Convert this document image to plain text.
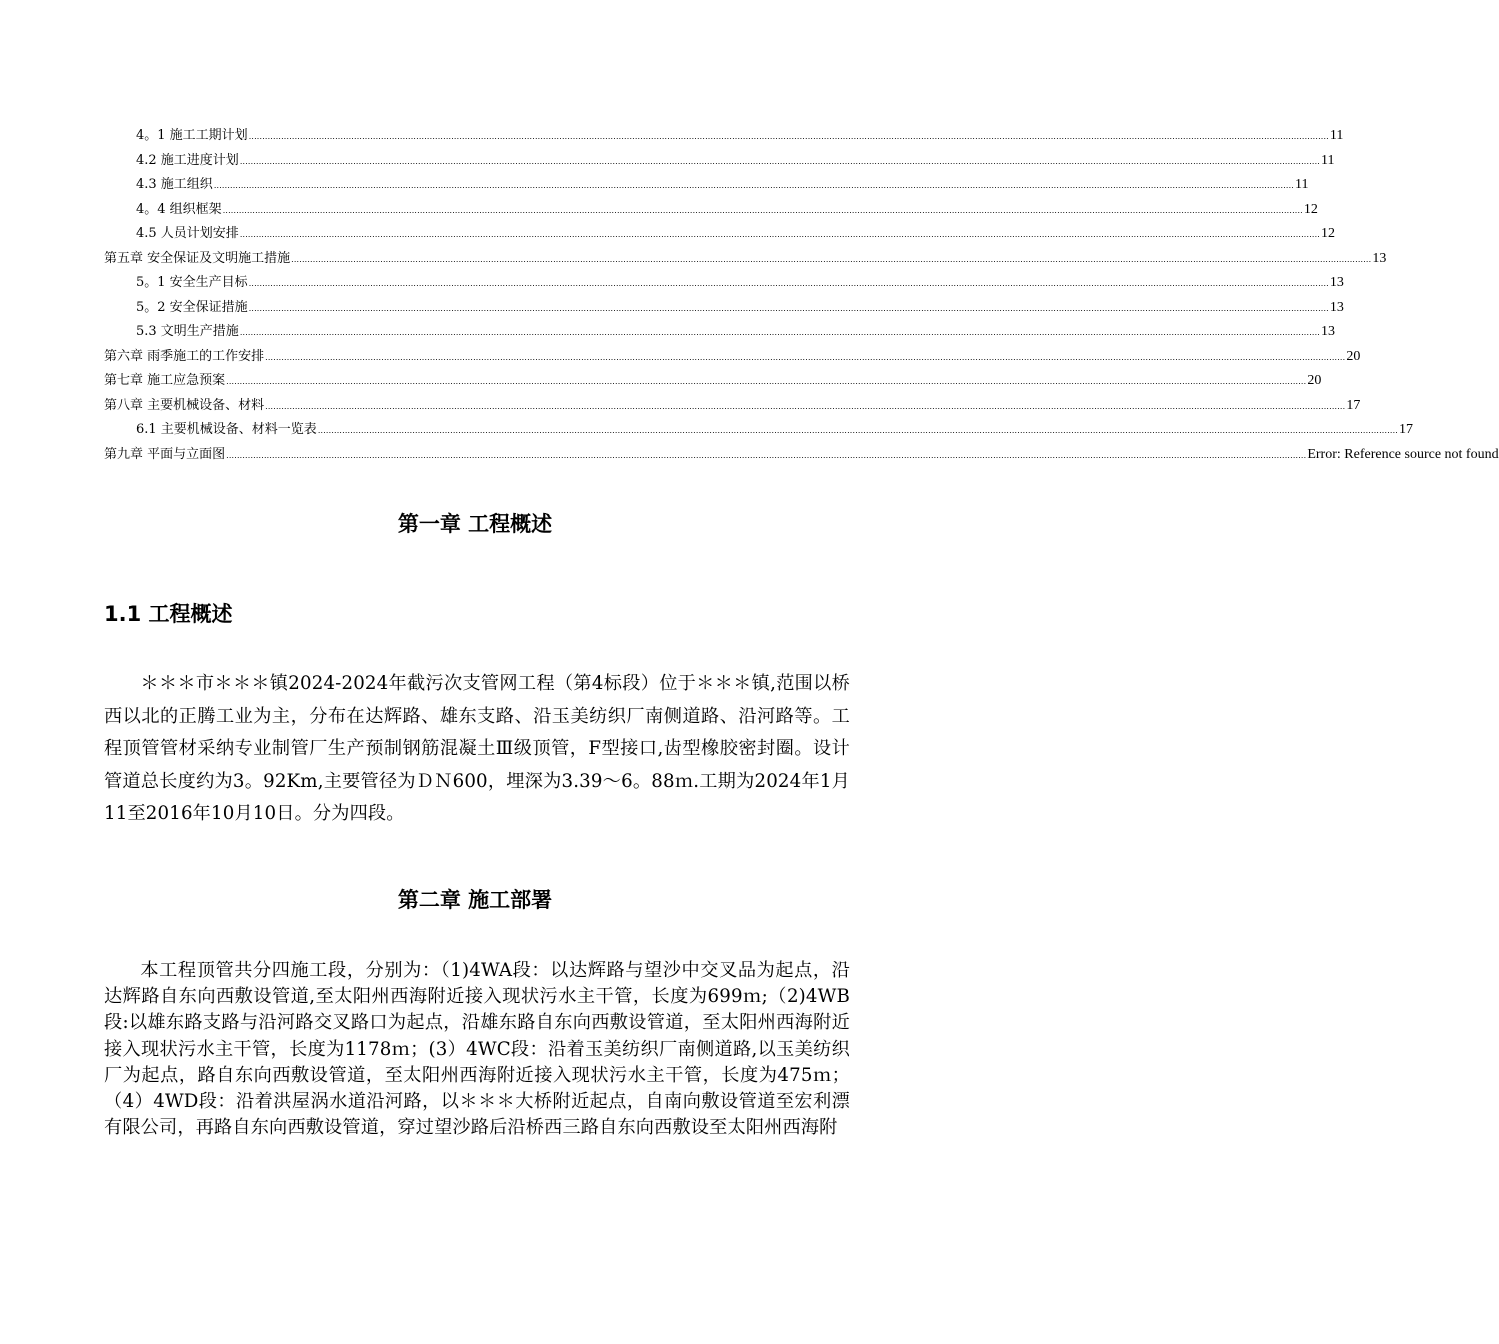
4。1 施工工期计划 ................................................................................................................................................................................................................................................................................................................................................................................................................ 11
4.2 施工进度计划 ................................................................................................................................................................................................................................................................................................................................................................................................................ 11
4.3 施工组织 ................................................................................................................................................................................................................................................................................................................................................................................................................ 11
4。4 组织框架 ................................................................................................................................................................................................................................................................................................................................................................................................................ 12
4.5 人员计划安排 ................................................................................................................................................................................................................................................................................................................................................................................................................ 12
第五章 安全保证及文明施工措施 ................................................................................................................................................................................................................................................................................................................................................................................................................ 13
5。1 安全生产目标 ................................................................................................................................................................................................................................................................................................................................................................................................................ 13
5。2 安全保证措施 ................................................................................................................................................................................................................................................................................................................................................................................................................ 13
5.3 文明生产措施 ................................................................................................................................................................................................................................................................................................................................................................................................................ 13
第六章 雨季施工的工作安排 ................................................................................................................................................................................................................................................................................................................................................................................................................ 20
第七章 施工应急预案 ................................................................................................................................................................................................................................................................................................................................................................................................................ 20
第八章 主要机械设备、材料 ................................................................................................................................................................................................................................................................................................................................................................................................................ 17
6.1 主要机械设备、材料一览表 ................................................................................................................................................................................................................................................................................................................................................................................................................ 17
第九章 平面与立面图 ................................................................................................................................................................................................................................................................................................................................................................................................................ Error: Reference source not found
第一章 工程概述
1.1 工程概述
＊＊＊市＊＊＊镇2024-2024年截污次支管网工程（第4标段）位于＊＊＊镇,范围以桥西以北的正腾工业为主，分布在达辉路、雄东支路、沿玉美纺织厂南侧道路、沿河路等。工程顶管管材采纳专业制管厂生产预制钢筋混凝土Ⅲ级顶管，F型接口,齿型橡胶密封圈。设计管道总长度约为3。92Km,主要管径为ＤＮ600，埋深为3.39～6。88ｍ.工期为2024年1月11至2016年10月10日。分为四段。
第二章 施工部署
本工程顶管共分四施工段，分别为：（1)4WA段：以达辉路与望沙中交叉品为起点，沿达辉路自东向西敷设管道,至太阳州西海附近接入现状污水主干管，长度为699ｍ;（2)4WB段:以雄东路支路与沿河路交叉路口为起点，沿雄东路自东向西敷设管道，至太阳州西海附近接入现状污水主干管，长度为1178ｍ；(3）4WC段：沿着玉美纺织厂南侧道路,以玉美纺织厂为起点，路自东向西敷设管道，至太阳州西海附近接入现状污水主干管，长度为475ｍ；（4）4WD段：沿着洪屋涡水道沿河路，以＊＊＊大桥附近起点，自南向敷设管道至宏利漂有限公司，再路自东向西敷设管道，穿过望沙路后沿桥西三路自东向西敷设至太阳州西海附
